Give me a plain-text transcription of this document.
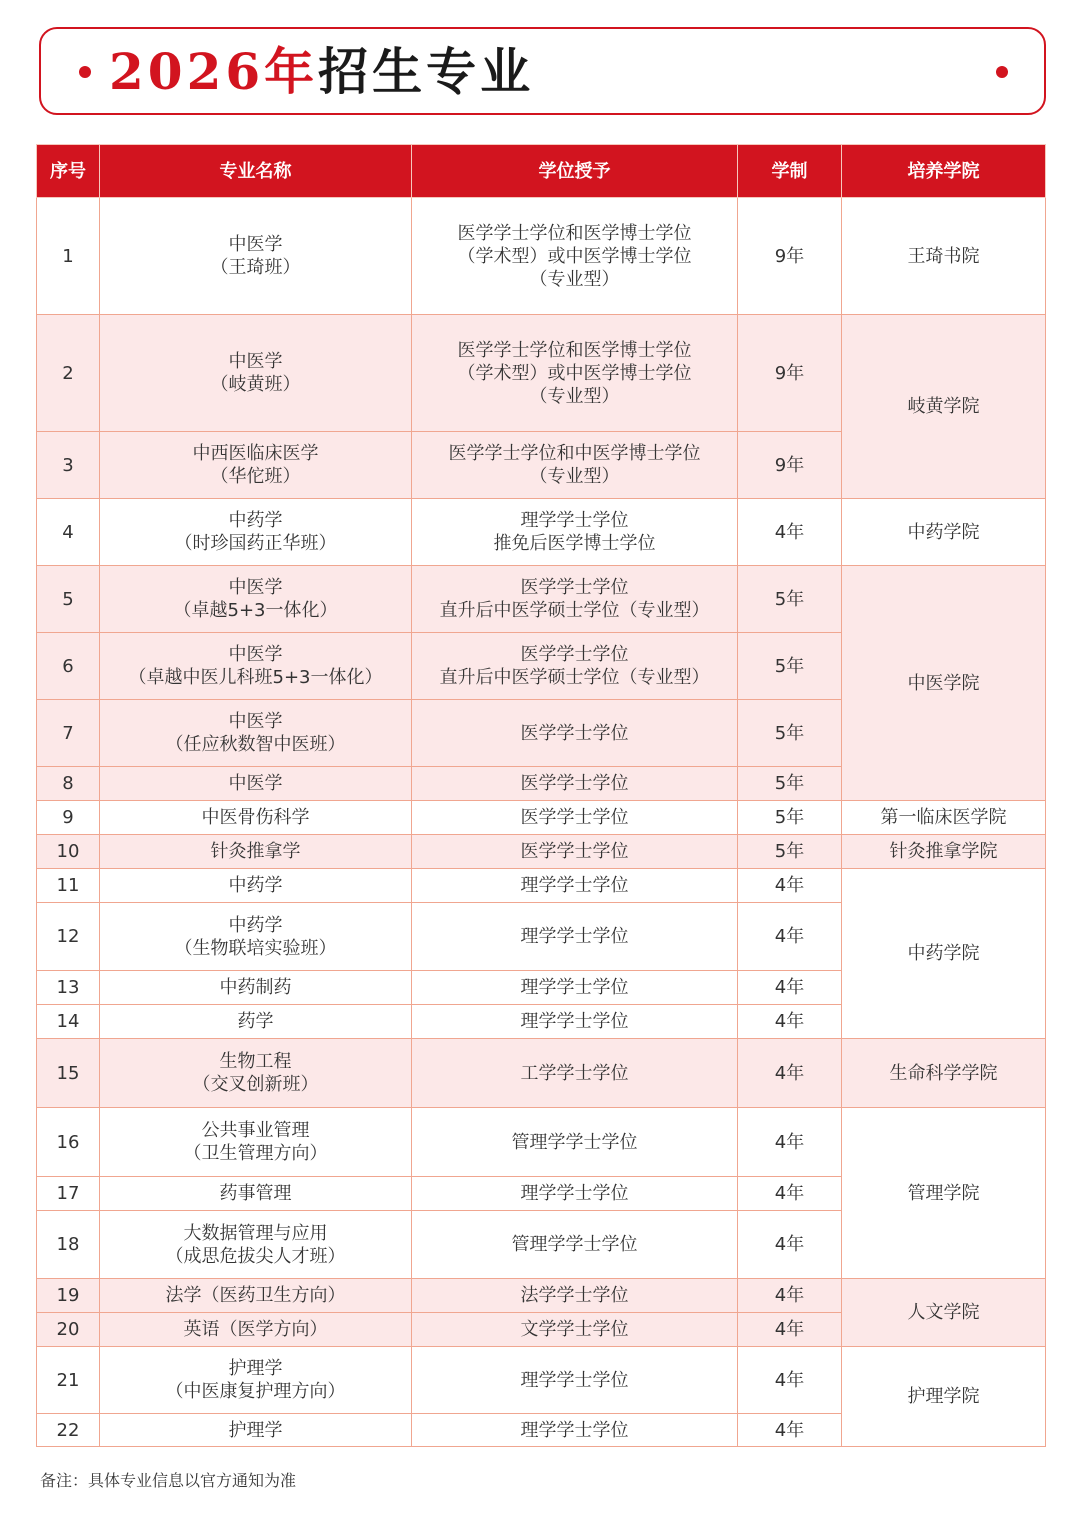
2026年招生专业
序号	专业名称	学位授予	学制	培养学院
1	中医学
（王琦班）	医学学士学位和医学博士学位
（学术型）或中医学博士学位
（专业型）	9年	王琦书院
2	中医学
（岐黄班）	医学学士学位和医学博士学位
（学术型）或中医学博士学位
（专业型）	9年	岐黄学院
3	中西医临床医学
（华佗班）	医学学士学位和中医学博士学位
（专业型）	9年	
4	中药学
（时珍国药正华班）	理学学士学位
推免后医学博士学位	4年	中药学院
5	中医学
（卓越5+3一体化）	医学学士学位
直升后中医学硕士学位（专业型）	5年	中医学院
6	中医学
（卓越中医儿科班5+3一体化）	医学学士学位
直升后中医学硕士学位（专业型）	5年	
7	中医学
（任应秋数智中医班）	医学学士学位	5年	
8	中医学	医学学士学位	5年	
9	中医骨伤科学	医学学士学位	5年	第一临床医学院
10	针灸推拿学	医学学士学位	5年	针灸推拿学院
11	中药学	理学学士学位	4年	中药学院
12	中药学
（生物联培实验班）	理学学士学位	4年	
13	中药制药	理学学士学位	4年	
14	药学	理学学士学位	4年	
15	生物工程
（交叉创新班）	工学学士学位	4年	生命科学学院
16	公共事业管理
（卫生管理方向）	管理学学士学位	4年	管理学院
17	药事管理	理学学士学位	4年	
18	大数据管理与应用
（成思危拔尖人才班）	管理学学士学位	4年	
19	法学（医药卫生方向）	法学学士学位	4年	人文学院
20	英语（医学方向）	文学学士学位	4年	
21	护理学
（中医康复护理方向）	理学学士学位	4年	护理学院
22	护理学	理学学士学位	4年	
备注：具体专业信息以官方通知为准
